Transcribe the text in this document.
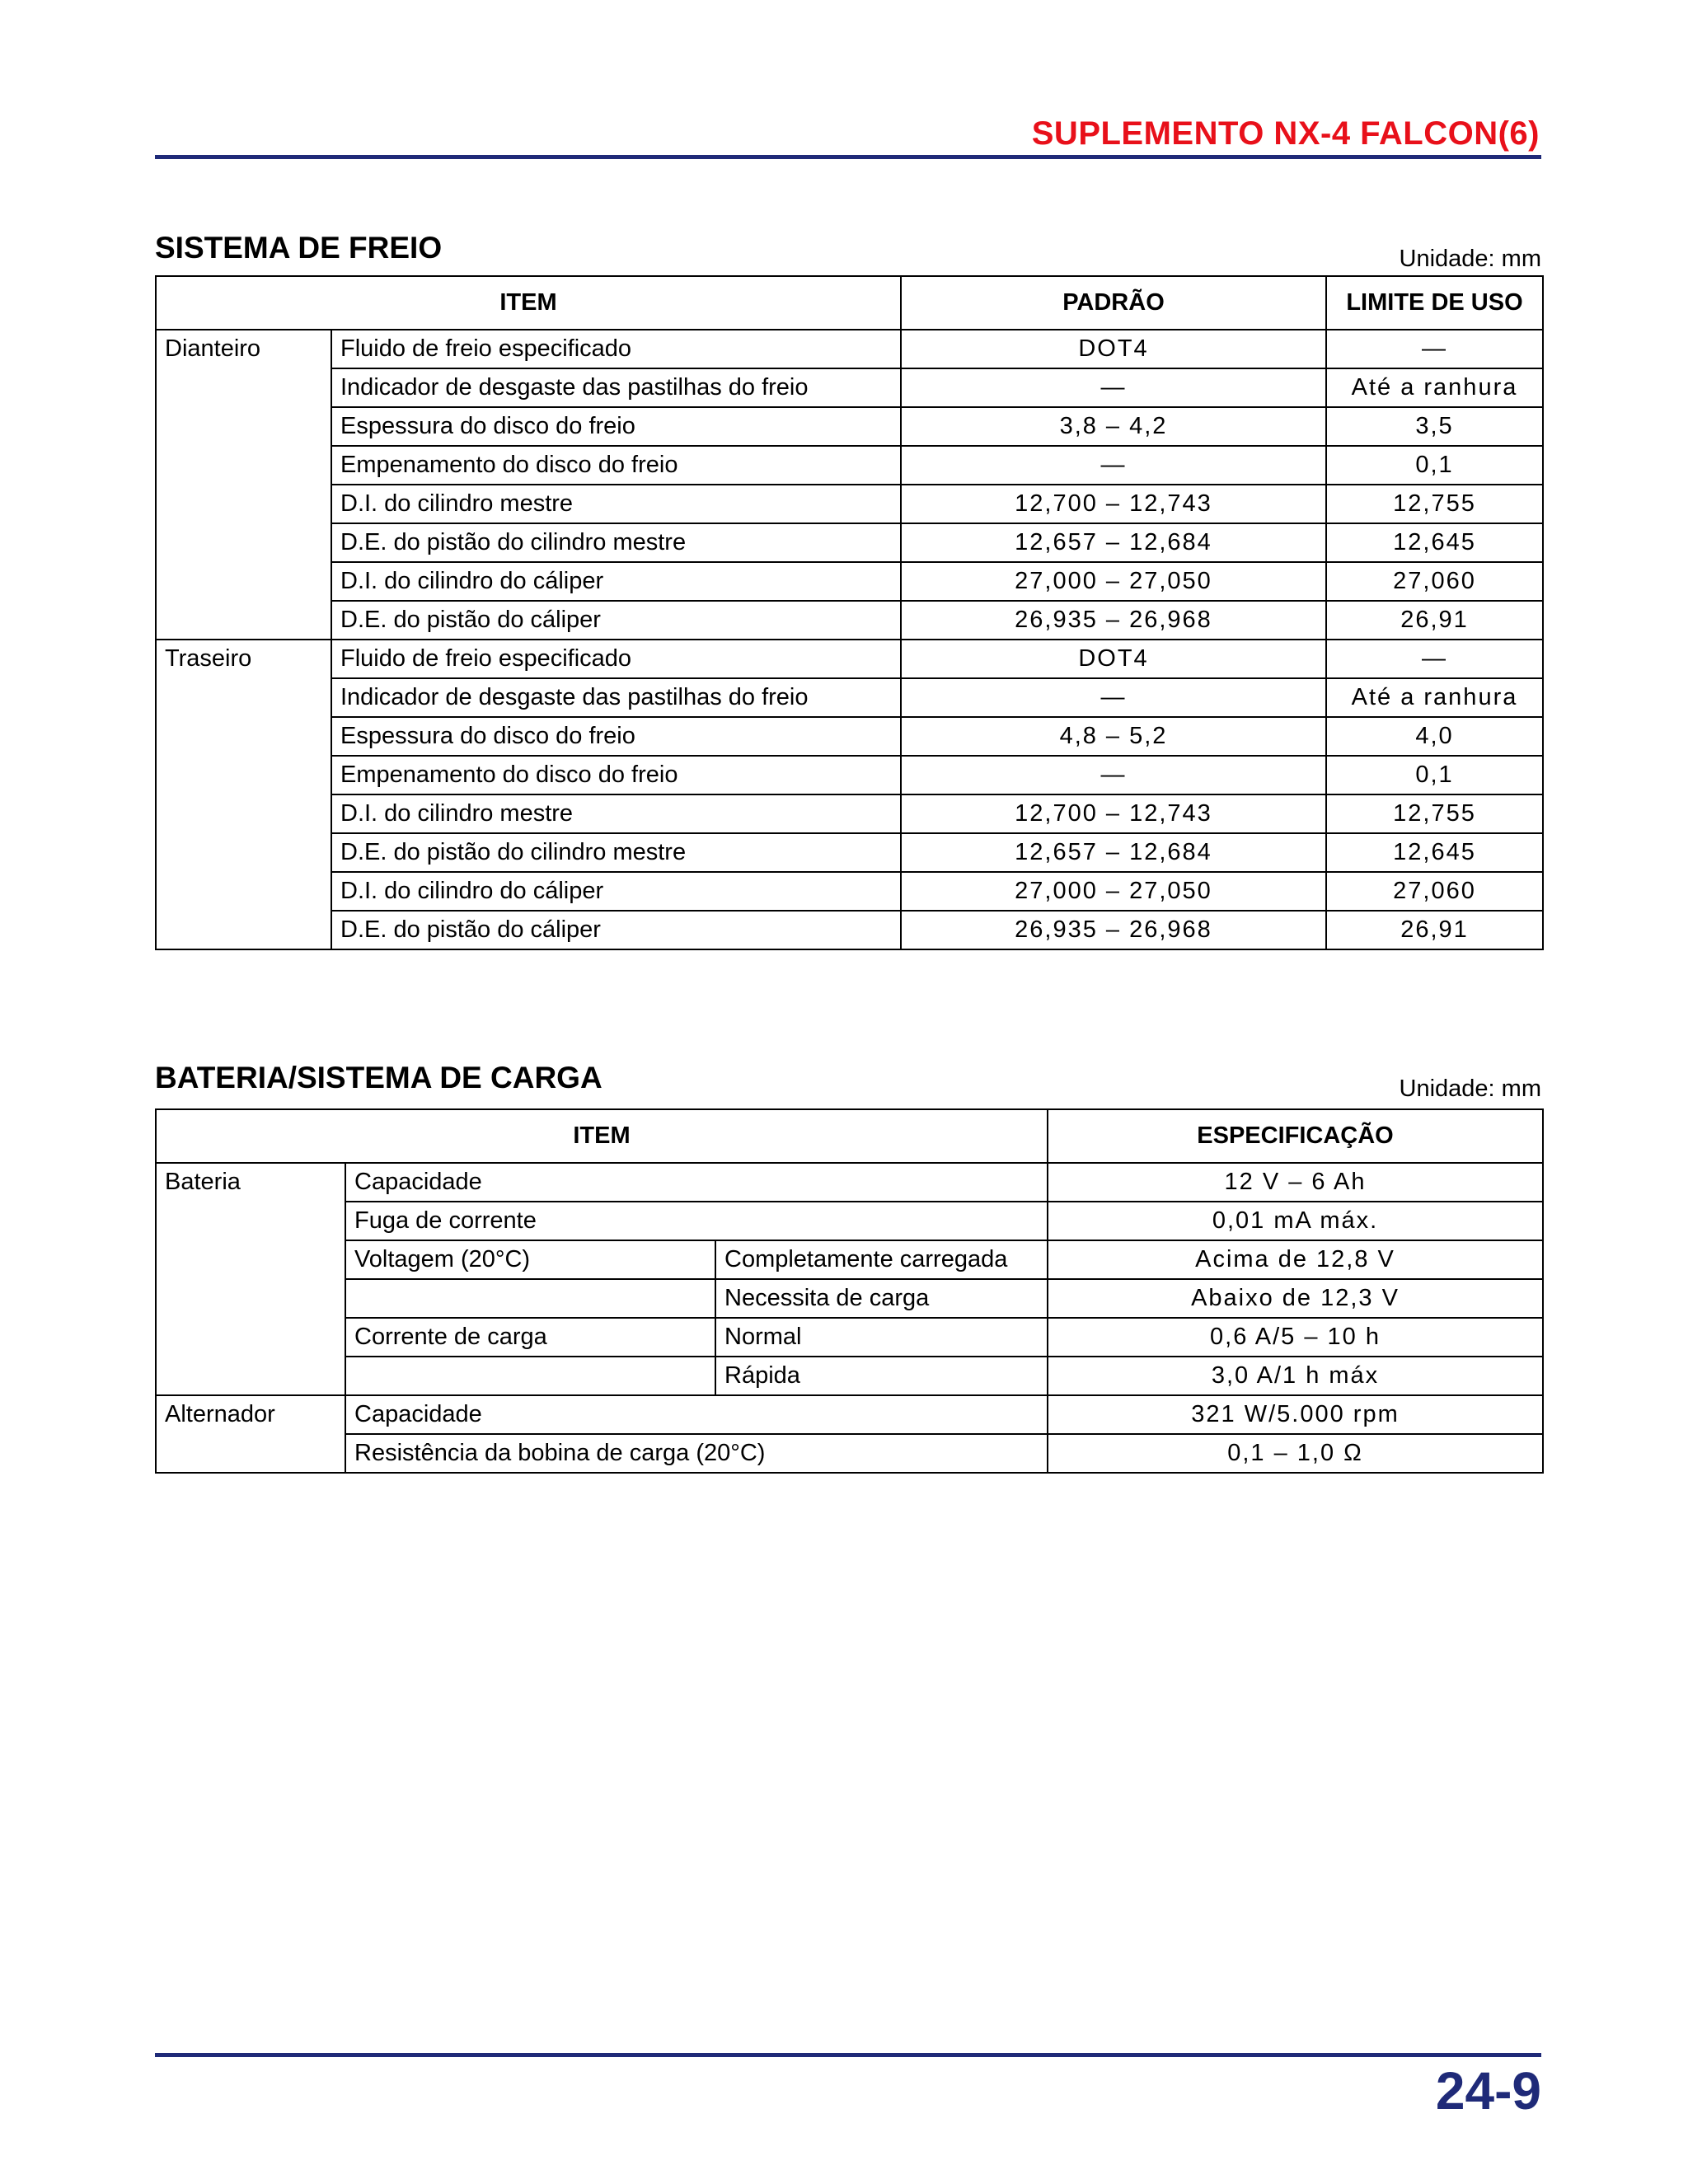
SUPLEMENTO NX-4 FALCON(6)
SISTEMA DE FREIO	Unidade: mm
ITEM		PADRÃO	LIMITE DE USO
Dianteiro	Fluido de freio especificado	DOT4	—
	Indicador de desgaste das pastilhas do freio	—	Até a ranhura
	Espessura do disco do freio	3,8 – 4,2	3,5
	Empenamento do disco do freio	—	0,1
	D.I. do cilindro mestre	12,700 – 12,743	12,755
	D.E. do pistão do cilindro mestre	12,657 – 12,684	12,645
	D.I. do cilindro do cáliper	27,000 – 27,050	27,060
	D.E. do pistão do cáliper	26,935 – 26,968	26,91
Traseiro	Fluido de freio especificado	DOT4	—
	Indicador de desgaste das pastilhas do freio	—	Até a ranhura
	Espessura do disco do freio	4,8 – 5,2	4,0
	Empenamento do disco do freio	—	0,1
	D.I. do cilindro mestre	12,700 – 12,743	12,755
	D.E. do pistão do cilindro mestre	12,657 – 12,684	12,645
	D.I. do cilindro do cáliper	27,000 – 27,050	27,060
	D.E. do pistão do cáliper	26,935 – 26,968	26,91
BATERIA/SISTEMA DE CARGA	Unidade: mm
ITEM			ESPECIFICAÇÃO
Bateria	Capacidade		12 V – 6 Ah
	Fuga de corrente		0,01 mA máx.
	Voltagem (20°C)	Completamente carregada	Acima de 12,8 V
		Necessita de carga	Abaixo de 12,3 V
	Corrente de carga	Normal	0,6 A/5 – 10 h
		Rápida	3,0 A/1 h máx
Alternador	Capacidade		321 W/5.000 rpm
	Resistência da bobina de carga (20°C)		0,1 – 1,0 Ω
24-9
